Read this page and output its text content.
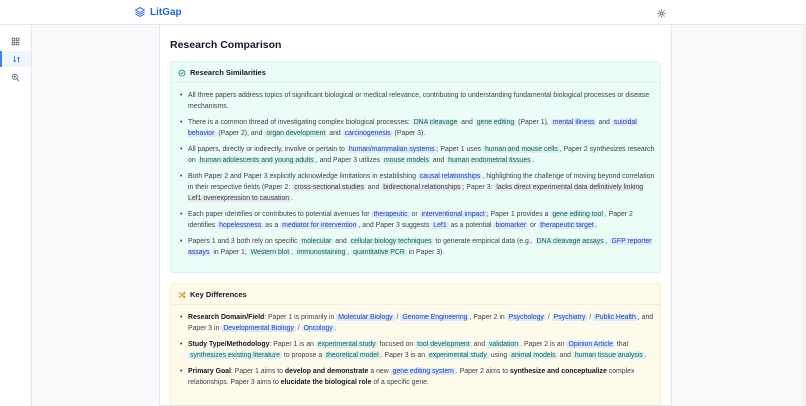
LitGap
Research Comparison
Research Similarities
• All three papers address topics of significant biological or medical relevance, contributing to understanding fundamental biological processes or disease mechanisms.
• There is a common thread of investigating complex biological processes: DNA cleavage and gene editing (Paper 1), mental illness and suicidal behavior (Paper 2), and organ development and carcinogenesis (Paper 3).
• All papers, directly or indirectly, involve or pertain to human/mammalian systems ; Paper 1 uses human and mouse cells , Paper 2 synthesizes research on human adolescents and young adults , and Paper 3 utilizes mouse models and human endometrial tissues .
• Both Paper 2 and Paper 3 explicitly acknowledge limitations in establishing causal relationships , highlighting the challenge of moving beyond correlation in their respective fields (Paper 2: cross-sectional studies and bidirectional relationships ; Paper 3: lacks direct experimental data definitively linking Lef1 overexpression to causation .
• Each paper identifies or contributes to potential avenues for therapeutic or interventional impact ; Paper 1 provides a gene editing tool , Paper 2 identifies hopelessness as a mediator for intervention , and Paper 3 suggests Lef1 as a potential biomarker or therapeutic target .
• Papers 1 and 3 both rely on specific molecular and cellular biology techniques to generate empirical data (e.g., DNA cleavage assays , GFP reporter assays in Paper 1; Western blot , immunostaining , quantitative PCR in Paper 3).
Key Differences
• Research Domain/Field: Paper 1 is primarily in Molecular Biology / Genome Engineering , Paper 2 in Psychology / Psychiatry / Public Health , and Paper 3 in Developmental Biology / Oncology .
• Study Type/Methodology: Paper 1 is an experimental study focused on tool development and validation . Paper 2 is an Opinion Article that synthesizes existing literature to propose a theoretical model . Paper 3 is an experimental study using animal models and human tissue analysis .
• Primary Goal: Paper 1 aims to develop and demonstrate a new gene editing system . Paper 2 aims to synthesize and conceptualize complex relationships. Paper 3 aims to elucidate the biological role of a specific gene.
